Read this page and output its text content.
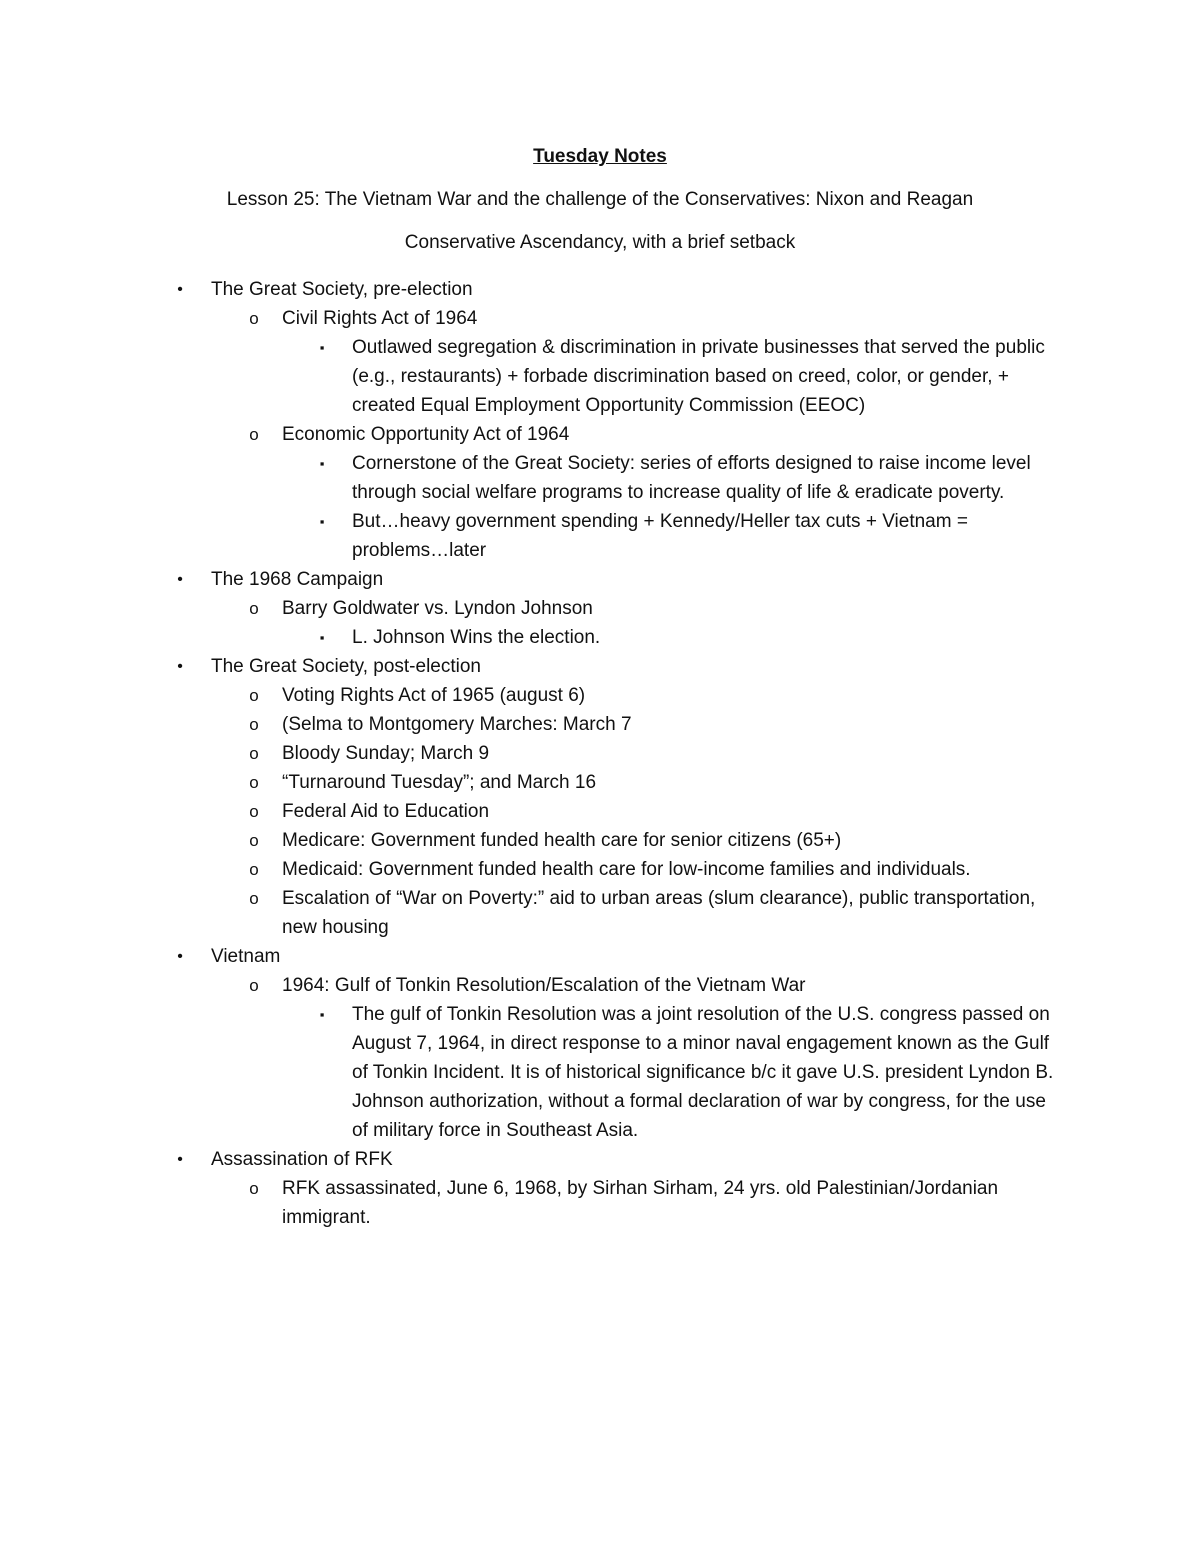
Tuesday Notes
Lesson 25: The Vietnam War and the challenge of the Conservatives: Nixon and Reagan
Conservative Ascendancy, with a brief setback
•	The Great Society, pre-election
o Civil Rights Act of 1964
▪	Outlawed segregation & discrimination in private businesses that served the public (e.g., restaurants) + forbade discrimination based on creed, color, or gender, + created Equal Employment Opportunity Commission (EEOC)
o Economic Opportunity Act of 1964
▪	Cornerstone of the Great Society: series of efforts designed to raise income level through social welfare programs to increase quality of life & eradicate poverty.
▪	But…heavy government spending + Kennedy/Heller tax cuts + Vietnam = problems…later
•	The 1968 Campaign
o Barry Goldwater vs. Lyndon Johnson
▪	L. Johnson Wins the election.
•	The Great Society, post-election
o Voting Rights Act of 1965 (august 6)
o (Selma to Montgomery Marches: March 7
o Bloody Sunday; March 9
o “Turnaround Tuesday”; and March 16
o Federal Aid to Education
o Medicare: Government funded health care for senior citizens (65+)
o Medicaid: Government funded health care for low-income families and individuals.
o Escalation of “War on Poverty:” aid to urban areas (slum clearance), public transportation, new housing
•	Vietnam
o 1964: Gulf of Tonkin Resolution/Escalation of the Vietnam War
▪	The gulf of Tonkin Resolution was a joint resolution of the U.S. congress passed on August 7, 1964, in direct response to a minor naval engagement known as the Gulf of Tonkin Incident. It is of historical significance b/c it gave U.S. president Lyndon B. Johnson authorization, without a formal declaration of war by congress, for the use of military force in Southeast Asia.
•	Assassination of RFK
o RFK assassinated, June 6, 1968, by Sirhan Sirham, 24 yrs. old Palestinian/Jordanian immigrant.
